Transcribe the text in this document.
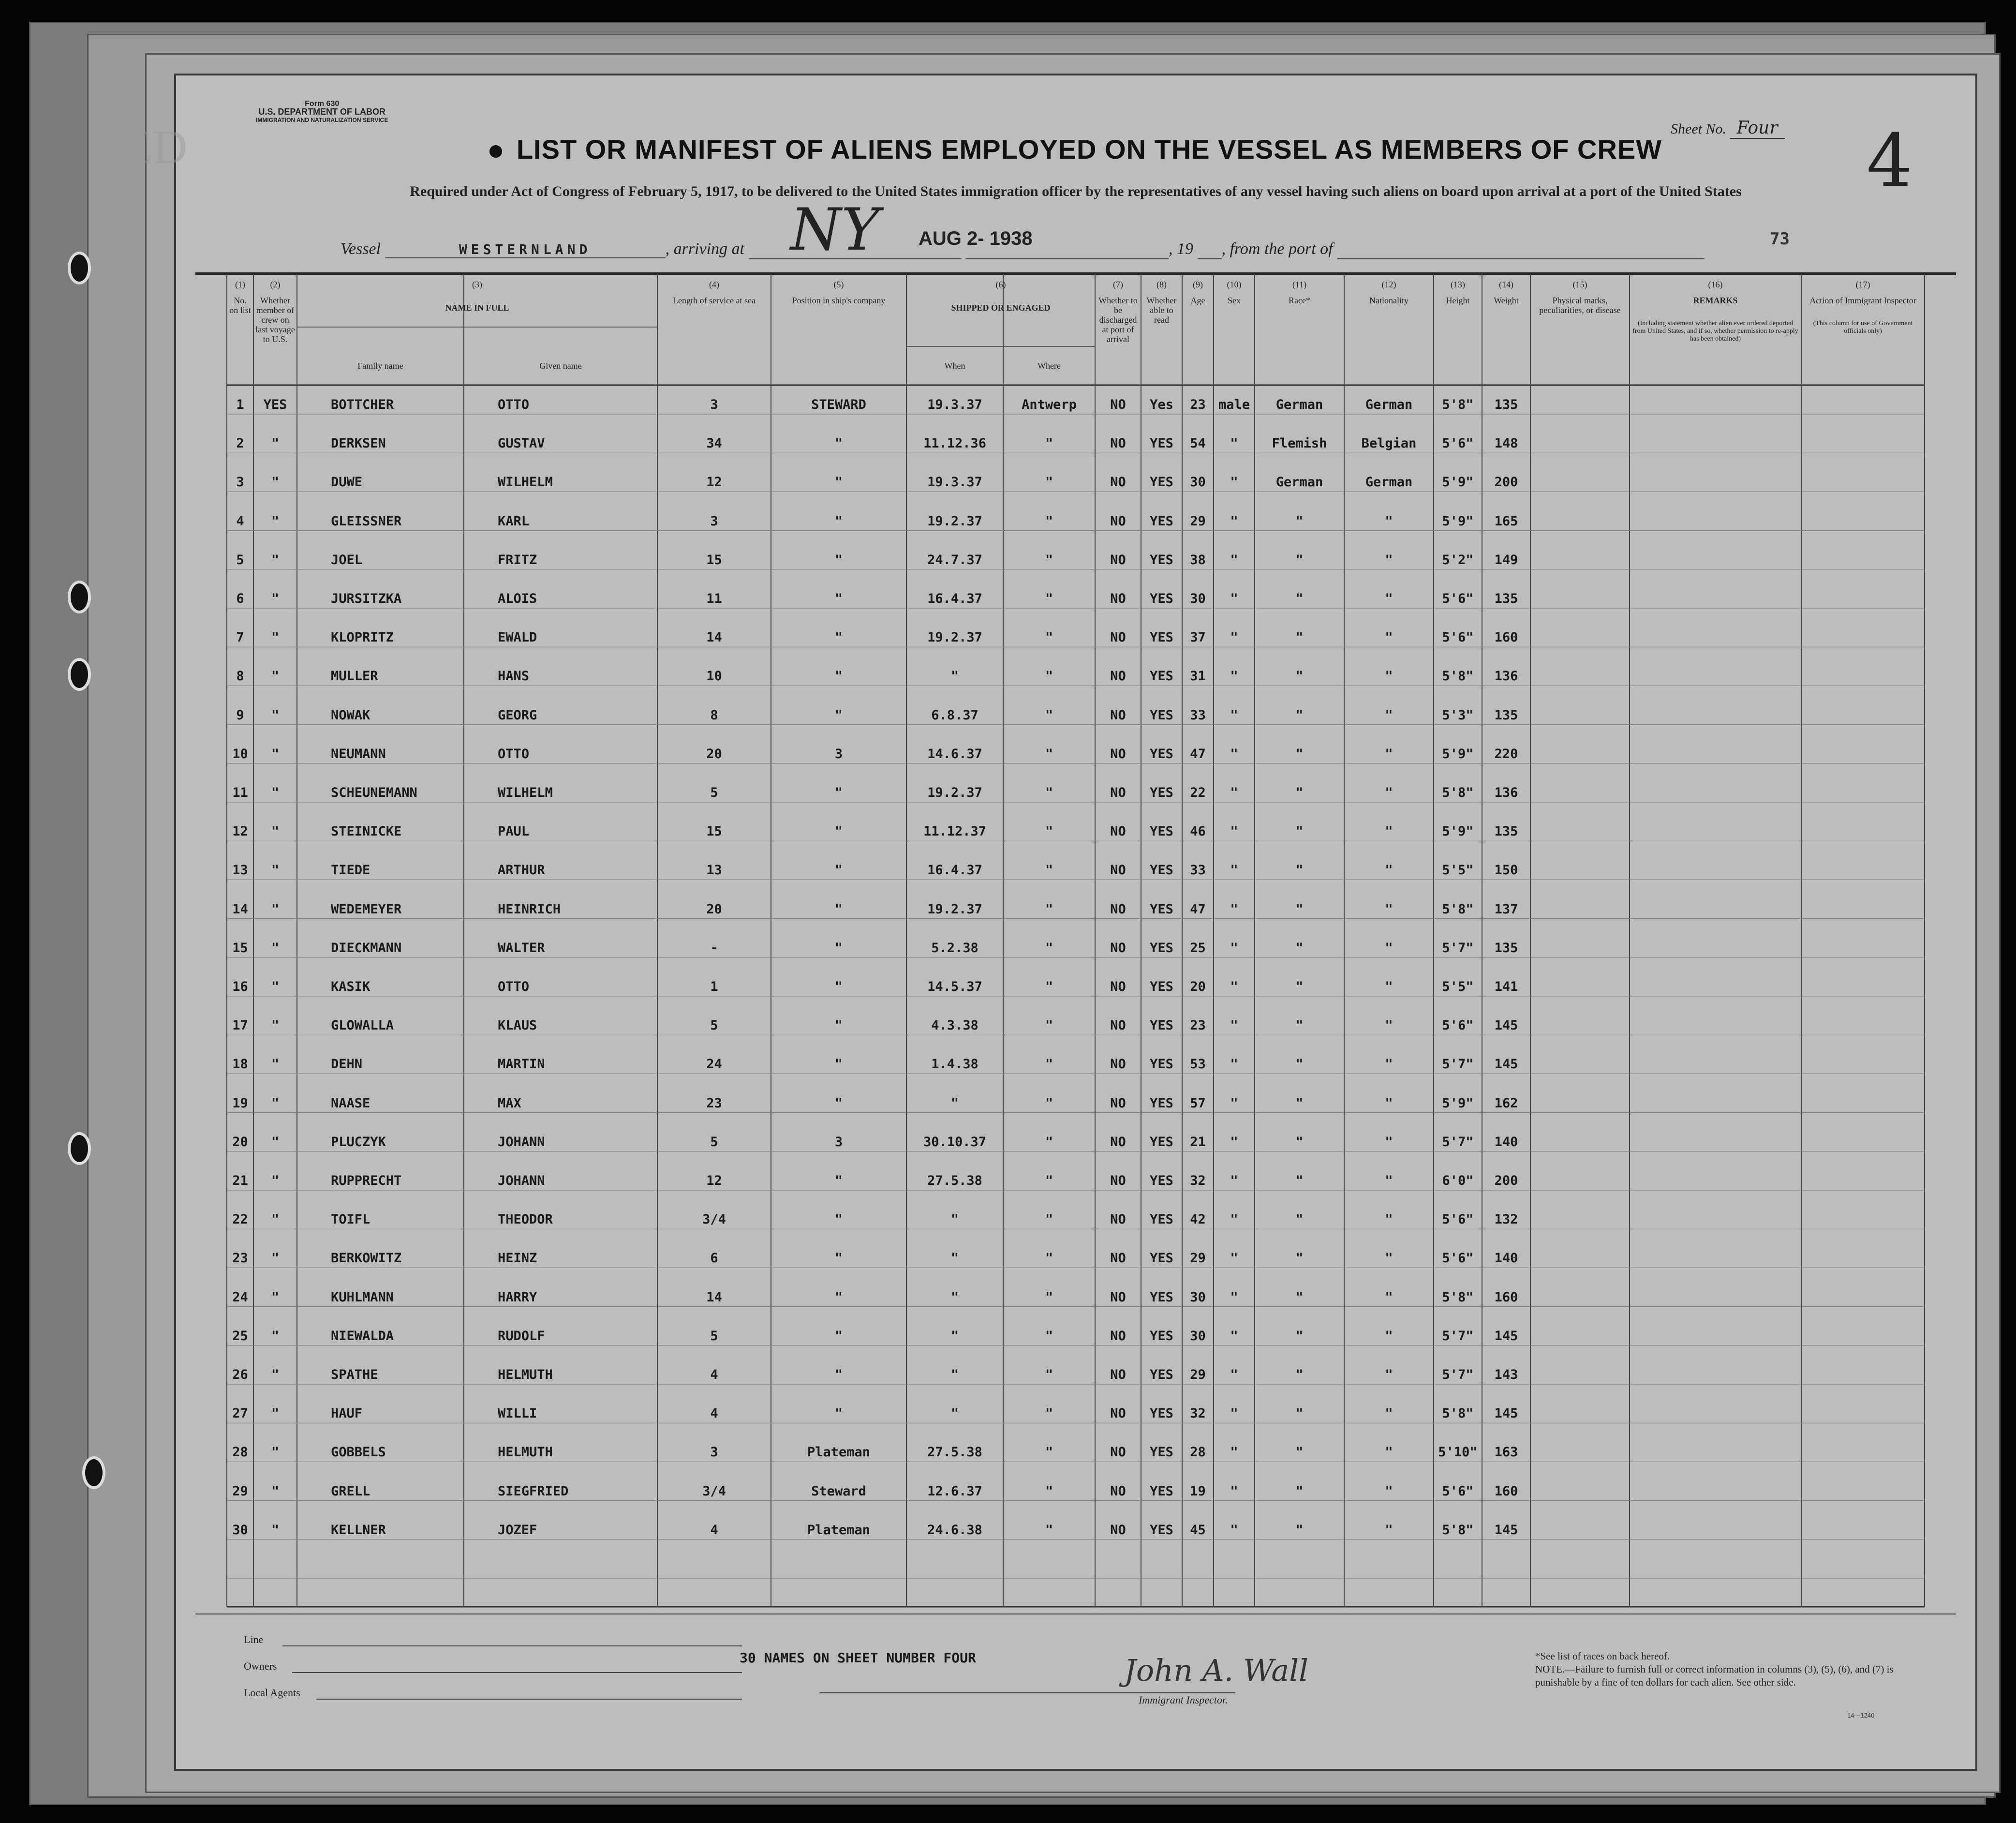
Form 630
U.S. DEPARTMENT OF LABOR
IMMIGRATION AND NATURALIZATION SERVICE
ED	LIST OR MANIFEST OF ALIENS EMPLOYED ON THE VESSEL AS MEMBERS OF CREW
Required under Act of Congress of February 5, 1917, to be delivered to the United States immigration officer by the representatives of any vessel having such aliens on board upon arrival at a port of the United States
Sheet No. Four 4
Vessel	WESTERNLAND	, arriving at	, 19 , from the port of
NY AUG 2- 1938	73
(1)
No. on list
(2)
Whether member of crew on last voyage to U.S.
(3)
NAME IN FULL
Family name	Given name
(4)
Length of service at sea
(5)
Position in ship's company
(6)
SHIPPED OR ENGAGED
When	Where
(7)
Whether to be discharged at port of arrival
(8)
Whether able to read
(9)
Age
(10)
Sex
(11)
Race*
(12)
Nationality
(13)
Height
(14)
Weight
(15)
Physical marks, peculiarities, or disease
(16)
REMARKS
(Including statement whether alien ever ordered deported from United States, and if so, whether permission to re-apply has been obtained)
(17)
Action of Immigrant Inspector
(This column for use of Government officials only)
1	YES	BOTTCHER	OTTO	3	STEWARD	19.3.37	Antwerp	NO	Yes	23 male	German	German	5'8"	135
2	"	DERKSEN	GUSTAV	34	"	11.12.36	"	NO	YES	54	"	Flemish	Belgian	5'6"	148
3	"	DUWE	WILHELM	12	"	19.3.37	"	NO	YES	30	"	German	German	5'9"	200
4	"	GLEISSNER	KARL	3	"	19.2.37	"	NO	YES	29	"	"	"	5'9"	165
5	"	JOEL	FRITZ	15	"	24.7.37	"	NO	YES	38	"	"	"	5'2"	149
6	"	JURSITZKA	ALOIS	11	"	16.4.37	"	NO	YES	30	"	"	"	5'6"	135
7	"	KLOPRITZ	EWALD	14	"	19.2.37	"	NO	YES	37	"	"	"	5'6"	160
8	"	MULLER	HANS	10	"	"	"	NO	YES	31	"	"	"	5'8"	136
9	"	NOWAK	GEORG	8	"	6.8.37	"	NO	YES	33	"	"	"	5'3"	135
10	"	NEUMANN	OTTO	20	3	14.6.37	"	NO	YES	47	"	"	"	5'9"	220
11	"	SCHEUNEMANN	WILHELM	5	"	19.2.37	"	NO	YES	22	"	"	"	5'8"	136
12	"	STEINICKE	PAUL	15	"	11.12.37	"	NO	YES	46	"	"	"	5'9"	135
13	"	TIEDE	ARTHUR	13	"	16.4.37	"	NO	YES	33	"	"	"	5'5"	150
14	"	WEDEMEYER	HEINRICH	20	"	19.2.37	"	NO	YES	47	"	"	"	5'8"	137
15	"	DIECKMANN	WALTER	-	"	5.2.38	"	NO	YES	25	"	"	"	5'7"	135
16	"	KASIK	OTTO	1	"	14.5.37	"	NO	YES	20	"	"	"	5'5"	141
17	"	GLOWALLA	KLAUS	5	"	4.3.38	"	NO	YES	23	"	"	"	5'6"	145
18	"	DEHN	MARTIN	24	"	1.4.38	"	NO	YES	53	"	"	"	5'7"	145
19	"	NAASE	MAX	23	"	"	"	NO	YES	57	"	"	"	5'9"	162
20	"	PLUCZYK	JOHANN	5	3	30.10.37	"	NO	YES	21	"	"	"	5'7"	140
21	"	RUPPRECHT	JOHANN	12	"	27.5.38	"	NO	YES	32	"	"	"	6'0"	200
22	"	TOIFL	THEODOR	3/4	"	"	"	NO	YES	42	"	"	"	5'6"	132
23	"	BERKOWITZ	HEINZ	6	"	"	"	NO	YES	29	"	"	"	5'6"	140
24	"	KUHLMANN	HARRY	14	"	"	"	NO	YES	30	"	"	"	5'8"	160
25	"	NIEWALDA	RUDOLF	5	"	"	"	NO	YES	30	"	"	"	5'7"	145
26	"	SPATHE	HELMUTH	4	"	"	"	NO	YES	29	"	"	"	5'7"	143
27	"	HAUF	WILLI	4	"	"	"	NO	YES	32	"	"	"	5'8"	145
28	"	GOBBELS	HELMUTH	3	Plateman	27.5.38	"	NO	YES	28	"	"	"	5'10"	163
29	"	GRELL	SIEGFRIED	3/4	Steward	12.6.37	"	NO	YES	19	"	"	"	5'6"	160
30	"	KELLNER	JOZEF	4	Plateman	24.6.38	"	NO	YES	45	"	"	"	5'8"	145
30 NAMES ON SHEET NUMBER FOUR
Line
Owners
Local Agents
John A. Wall
Immigrant Inspector.
*See list of races on back hereof.
NOTE.—Failure to furnish full or correct information in columns (3), (5), (6), and (7) is punishable by a fine of ten dollars for each alien. See other side.
14—1240
